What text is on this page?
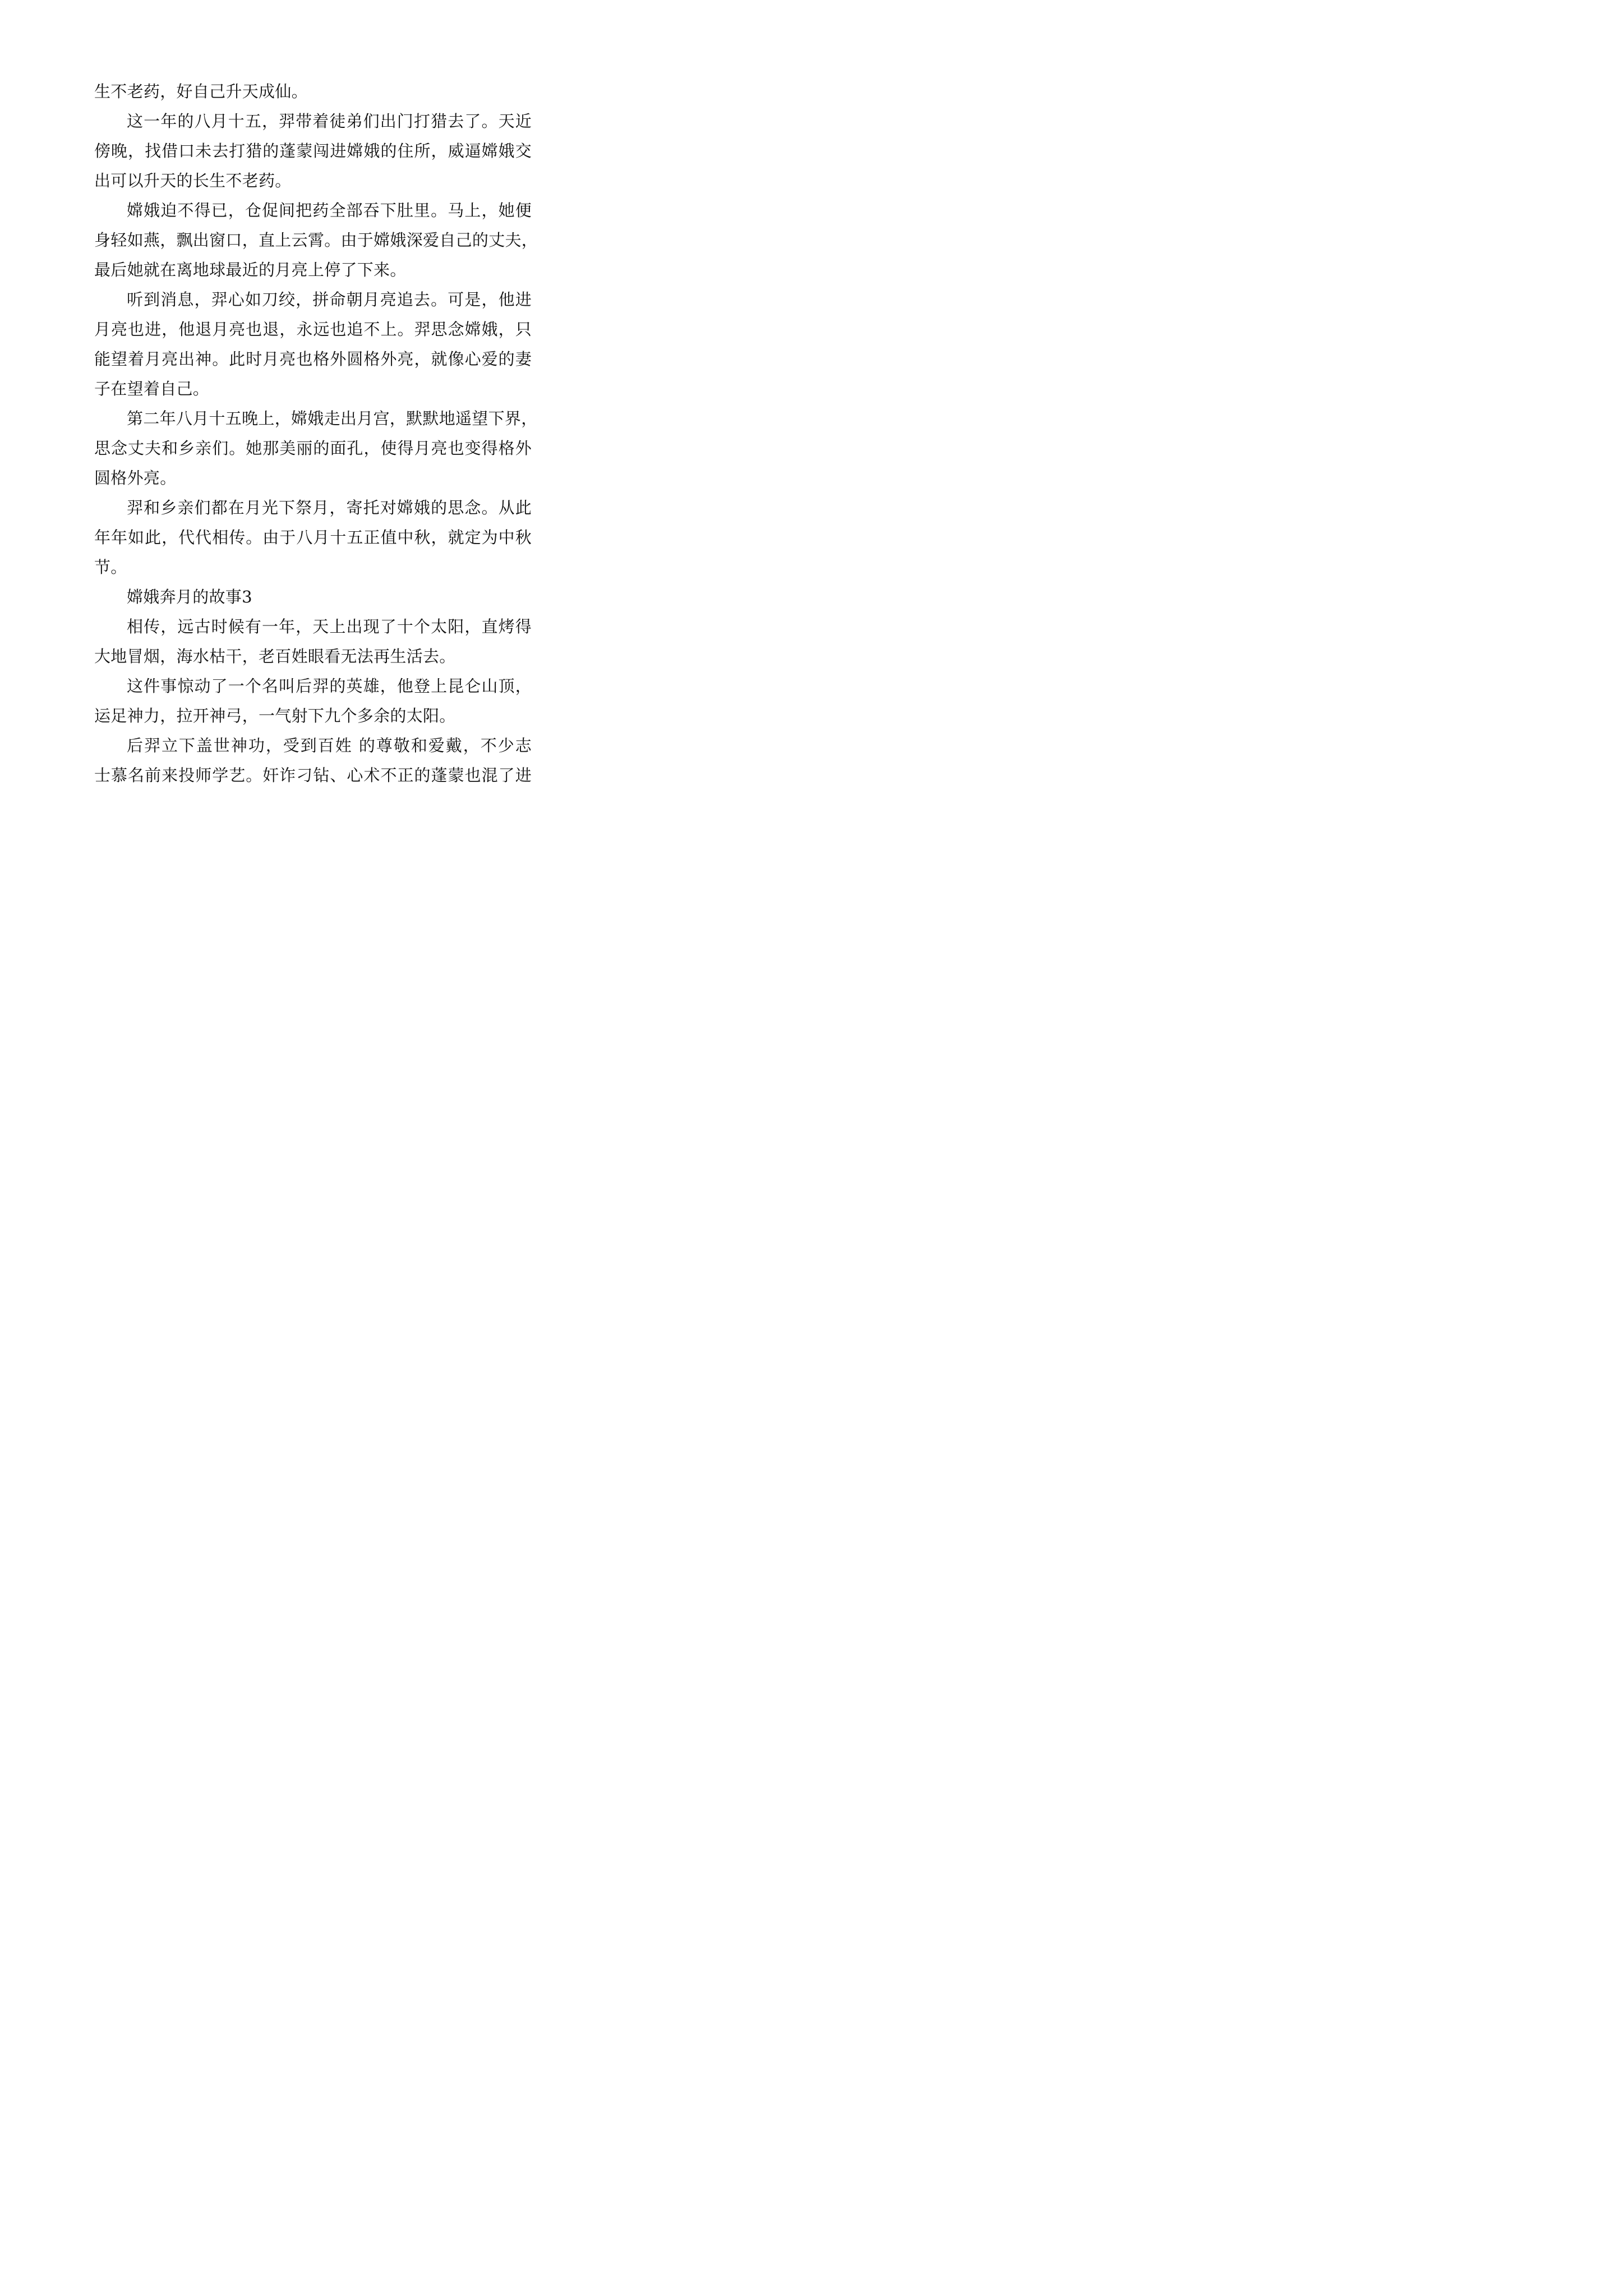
生不老药，好自己升天成仙。
这一年的八月十五，羿带着徒弟们出门打猎去了。天近
傍晚，找借口未去打猎的蓬蒙闯进嫦娥的住所，威逼嫦娥交
出可以升天的长生不老药。
嫦娥迫不得已，仓促间把药全部吞下肚里。马上，她便
身轻如燕，飘出窗口，直上云霄。由于嫦娥深爱自己的丈夫，
最后她就在离地球最近的月亮上停了下来。
听到消息，羿心如刀绞，拼命朝月亮追去。可是，他进
月亮也进，他退月亮也退，永远也追不上。羿思念嫦娥，只
能望着月亮出神。此时月亮也格外圆格外亮，就像心爱的妻
子在望着自己。
第二年八月十五晚上，嫦娥走出月宫，默默地遥望下界，
思念丈夫和乡亲们。她那美丽的面孔，使得月亮也变得格外
圆格外亮。
羿和乡亲们都在月光下祭月，寄托对嫦娥的思念。从此
年年如此，代代相传。由于八月十五正值中秋，就定为中秋
节。
嫦娥奔月的故事3
相传，远古时候有一年，天上出现了十个太阳，直烤得
大地冒烟，海水枯干，老百姓眼看无法再生活去。
这件事惊动了一个名叫后羿的英雄，他登上昆仑山顶，
运足神力，拉开神弓，一气射下九个多余的太阳。
后羿立下盖世神功，受到百姓 的尊敬和爱戴，不少志
士慕名前来投师学艺。奸诈刁钻、心术不正的蓬蒙也混了进
